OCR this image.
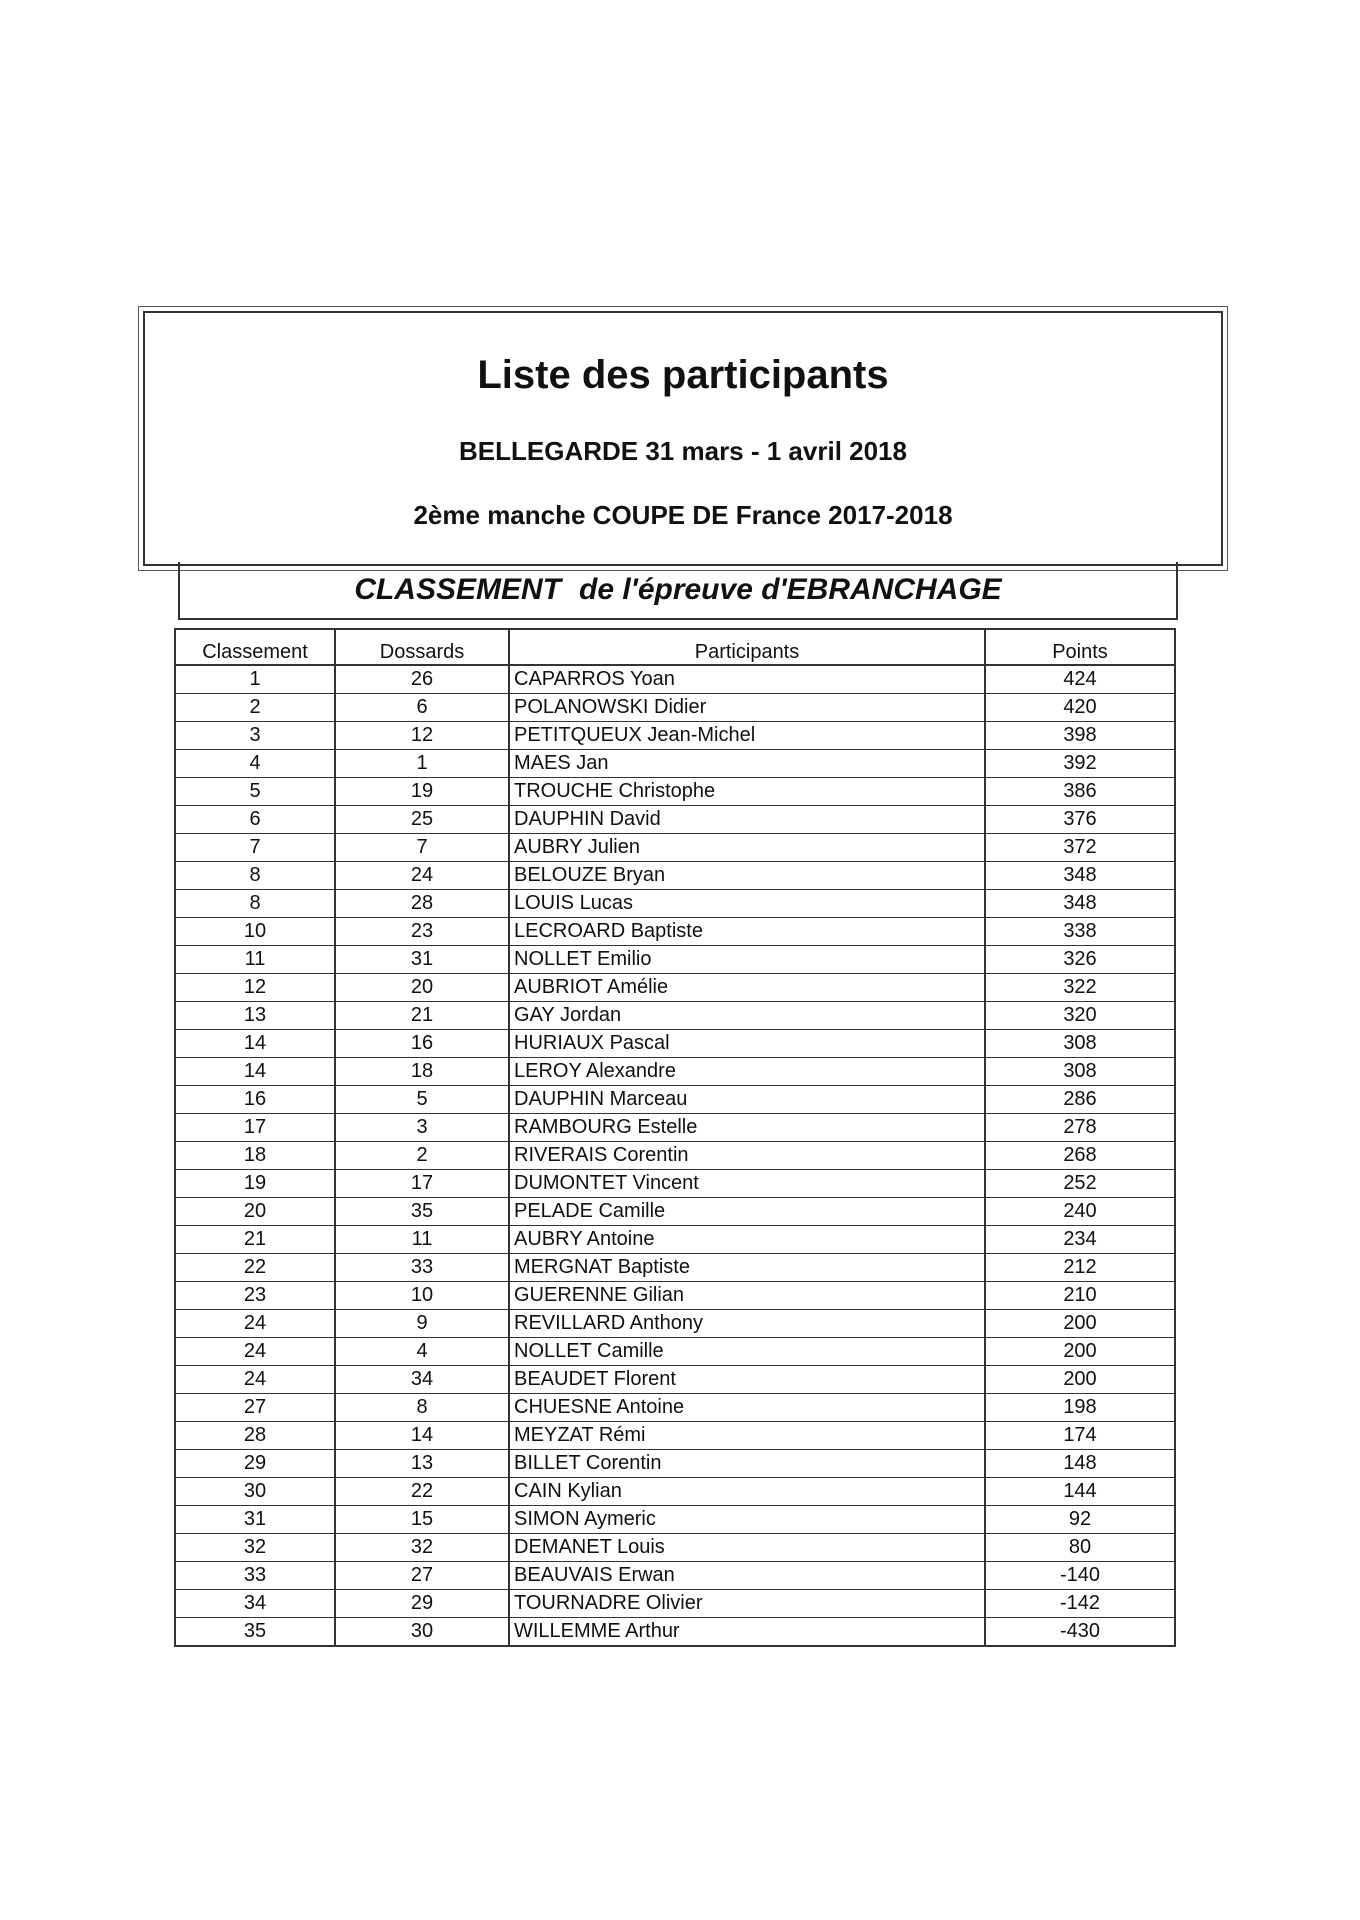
Liste des participants
BELLEGARDE 31 mars - 1 avril 2018
2ème manche COUPE DE France 2017-2018
CLASSEMENT de l'épreuve d'EBRANCHAGE
Classement	Dossards	Participants	Points
1	26	CAPARROS Yoan	424
2	6	POLANOWSKI Didier	420
3	12	PETITQUEUX Jean-Michel	398
4	1	MAES Jan	392
5	19	TROUCHE Christophe	386
6	25	DAUPHIN David	376
7	7	AUBRY Julien	372
8	24	BELOUZE Bryan	348
8	28	LOUIS Lucas	348
10	23	LECROARD Baptiste	338
11	31	NOLLET Emilio	326
12	20	AUBRIOT Amélie	322
13	21	GAY Jordan	320
14	16	HURIAUX Pascal	308
14	18	LEROY Alexandre	308
16	5	DAUPHIN Marceau	286
17	3	RAMBOURG Estelle	278
18	2	RIVERAIS Corentin	268
19	17	DUMONTET Vincent	252
20	35	PELADE Camille	240
21	11	AUBRY Antoine	234
22	33	MERGNAT Baptiste	212
23	10	GUERENNE Gilian	210
24	9	REVILLARD Anthony	200
24	4	NOLLET Camille	200
24	34	BEAUDET Florent	200
27	8	CHUESNE Antoine	198
28	14	MEYZAT Rémi	174
29	13	BILLET Corentin	148
30	22	CAIN Kylian	144
31	15	SIMON Aymeric	92
32	32	DEMANET Louis	80
33	27	BEAUVAIS Erwan	-140
34	29	TOURNADRE Olivier	-142
35	30	WILLEMME Arthur	-430
